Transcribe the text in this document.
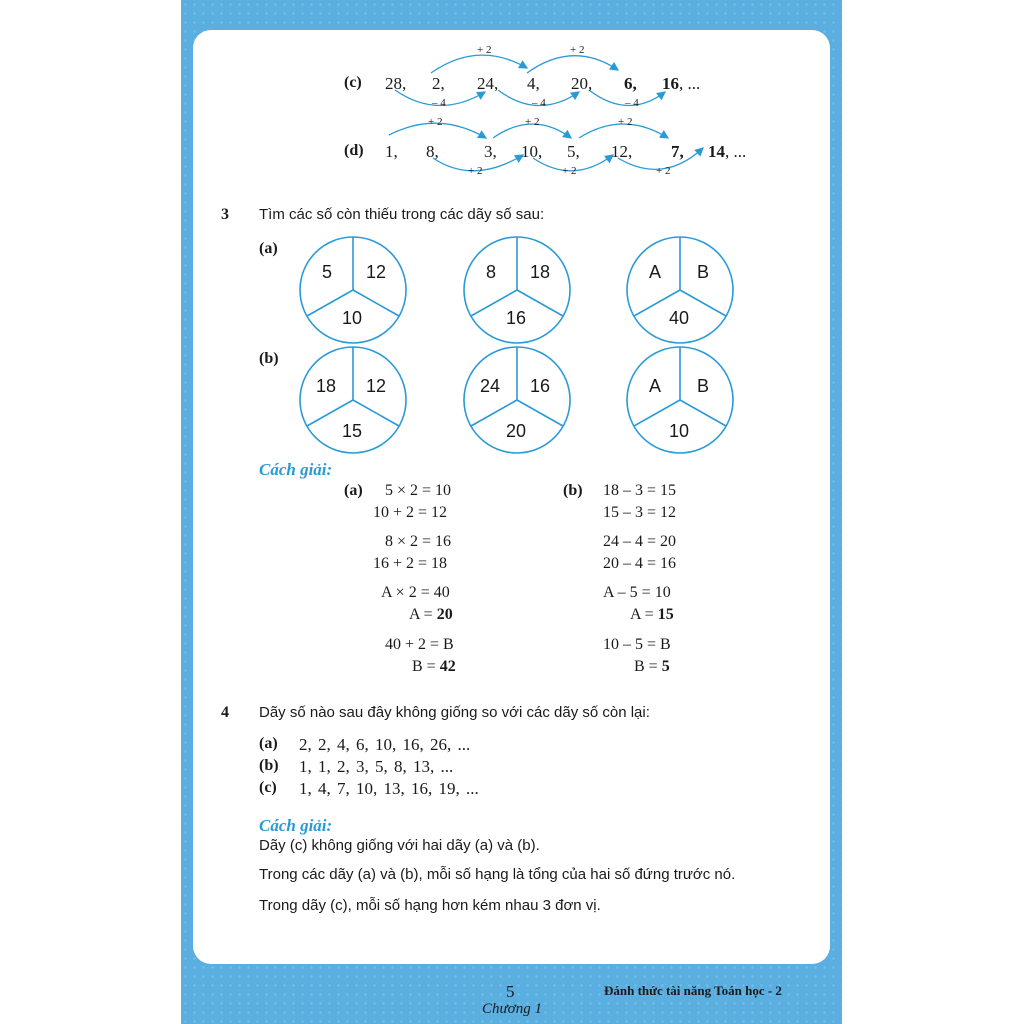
+ 2	+ 2
– 4	– 4	– 4
(c) 28, 2, 24, 4, 20, 6, 16, ...
+ 2	+ 2	+ 2
+ 2	+ 2	+ 2
(d) 1, 8,	3, 10, 5, 12, 7, 14, ...
3 Tìm các số còn thiếu trong các dãy số sau:
(a)
(b)
5 12
10
8 18
16
A B
40
18 12
15
24 16
20
A B
10
Cách giải:
(a) 5 × 2 = 10
10 + 2 = 12
8 × 2 = 16
16 + 2 = 18
A × 2 = 40
A = 20
40 + 2 = B
B = 42
(b) 18 – 3 = 15
15 – 3 = 12
24 – 4 = 20
20 – 4 = 16
A – 5 = 10
A = 15
10 – 5 = B
B = 5
4 Dãy số nào sau đây không giống so với các dãy số còn lại:
(a) 2, 2, 4, 6, 10, 16, 26, ...
(b) 1, 1, 2, 3, 5, 8, 13, ...
(c) 1, 4, 7, 10, 13, 16, 19, ...
Cách giải:
Dãy (c) không giống với hai dãy (a) và (b).
Trong các dãy (a) và (b), mỗi số hạng là tổng của hai số đứng trước nó.
Trong dãy (c), mỗi số hạng hơn kém nhau 3 đơn vị.
5
Chương 1
Đánh thức tài năng Toán học - 2
